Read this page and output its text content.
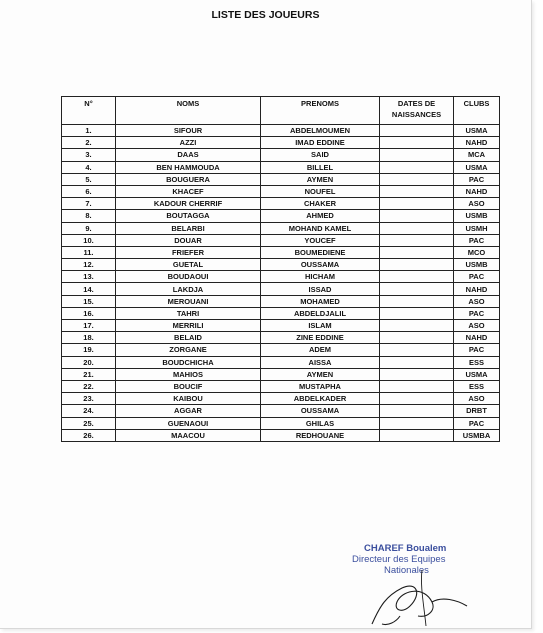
LISTE DES JOUEURS
N°	NOMS	PRENOMS	DATES DE NAISSANCES	CLUBS
1.	SIFOUR	ABDELMOUMEN		USMA
2.	AZZI	IMAD EDDINE		NAHD
3.	DAAS	SAID		MCA
4.	BEN HAMMOUDA	BILLEL		USMA
5.	BOUGUERA	AYMEN		PAC
6.	KHACEF	NOUFEL		NAHD
7.	KADOUR CHERRIF	CHAKER		ASO
8.	BOUTAGGA	AHMED		USMB
9.	BELARBI	MOHAND KAMEL		USMH
10.	DOUAR	YOUCEF		PAC
11.	FRIEFER	BOUMEDIENE		MCO
12.	GUETAL	OUSSAMA		USMB
13.	BOUDAOUI	HICHAM		PAC
14.	LAKDJA	ISSAD		NAHD
15.	MEROUANI	MOHAMED		ASO
16.	TAHRI	ABDELDJALIL		PAC
17.	MERRILI	ISLAM		ASO
18.	BELAID	ZINE EDDINE		NAHD
19.	ZORGANE	ADEM		PAC
20.	BOUDCHICHA	AISSA		ESS
21.	MAHIOS	AYMEN		USMA
22.	BOUCIF	MUSTAPHA		ESS
23.	KAIBOU	ABDELKADER		ASO
24.	AGGAR	OUSSAMA		DRBT
25.	GUENAOUI	GHILAS		PAC
26.	MAACOU	REDHOUANE		USMBA
CHAREF Boualem
Directeur des Equipes
Nationales
